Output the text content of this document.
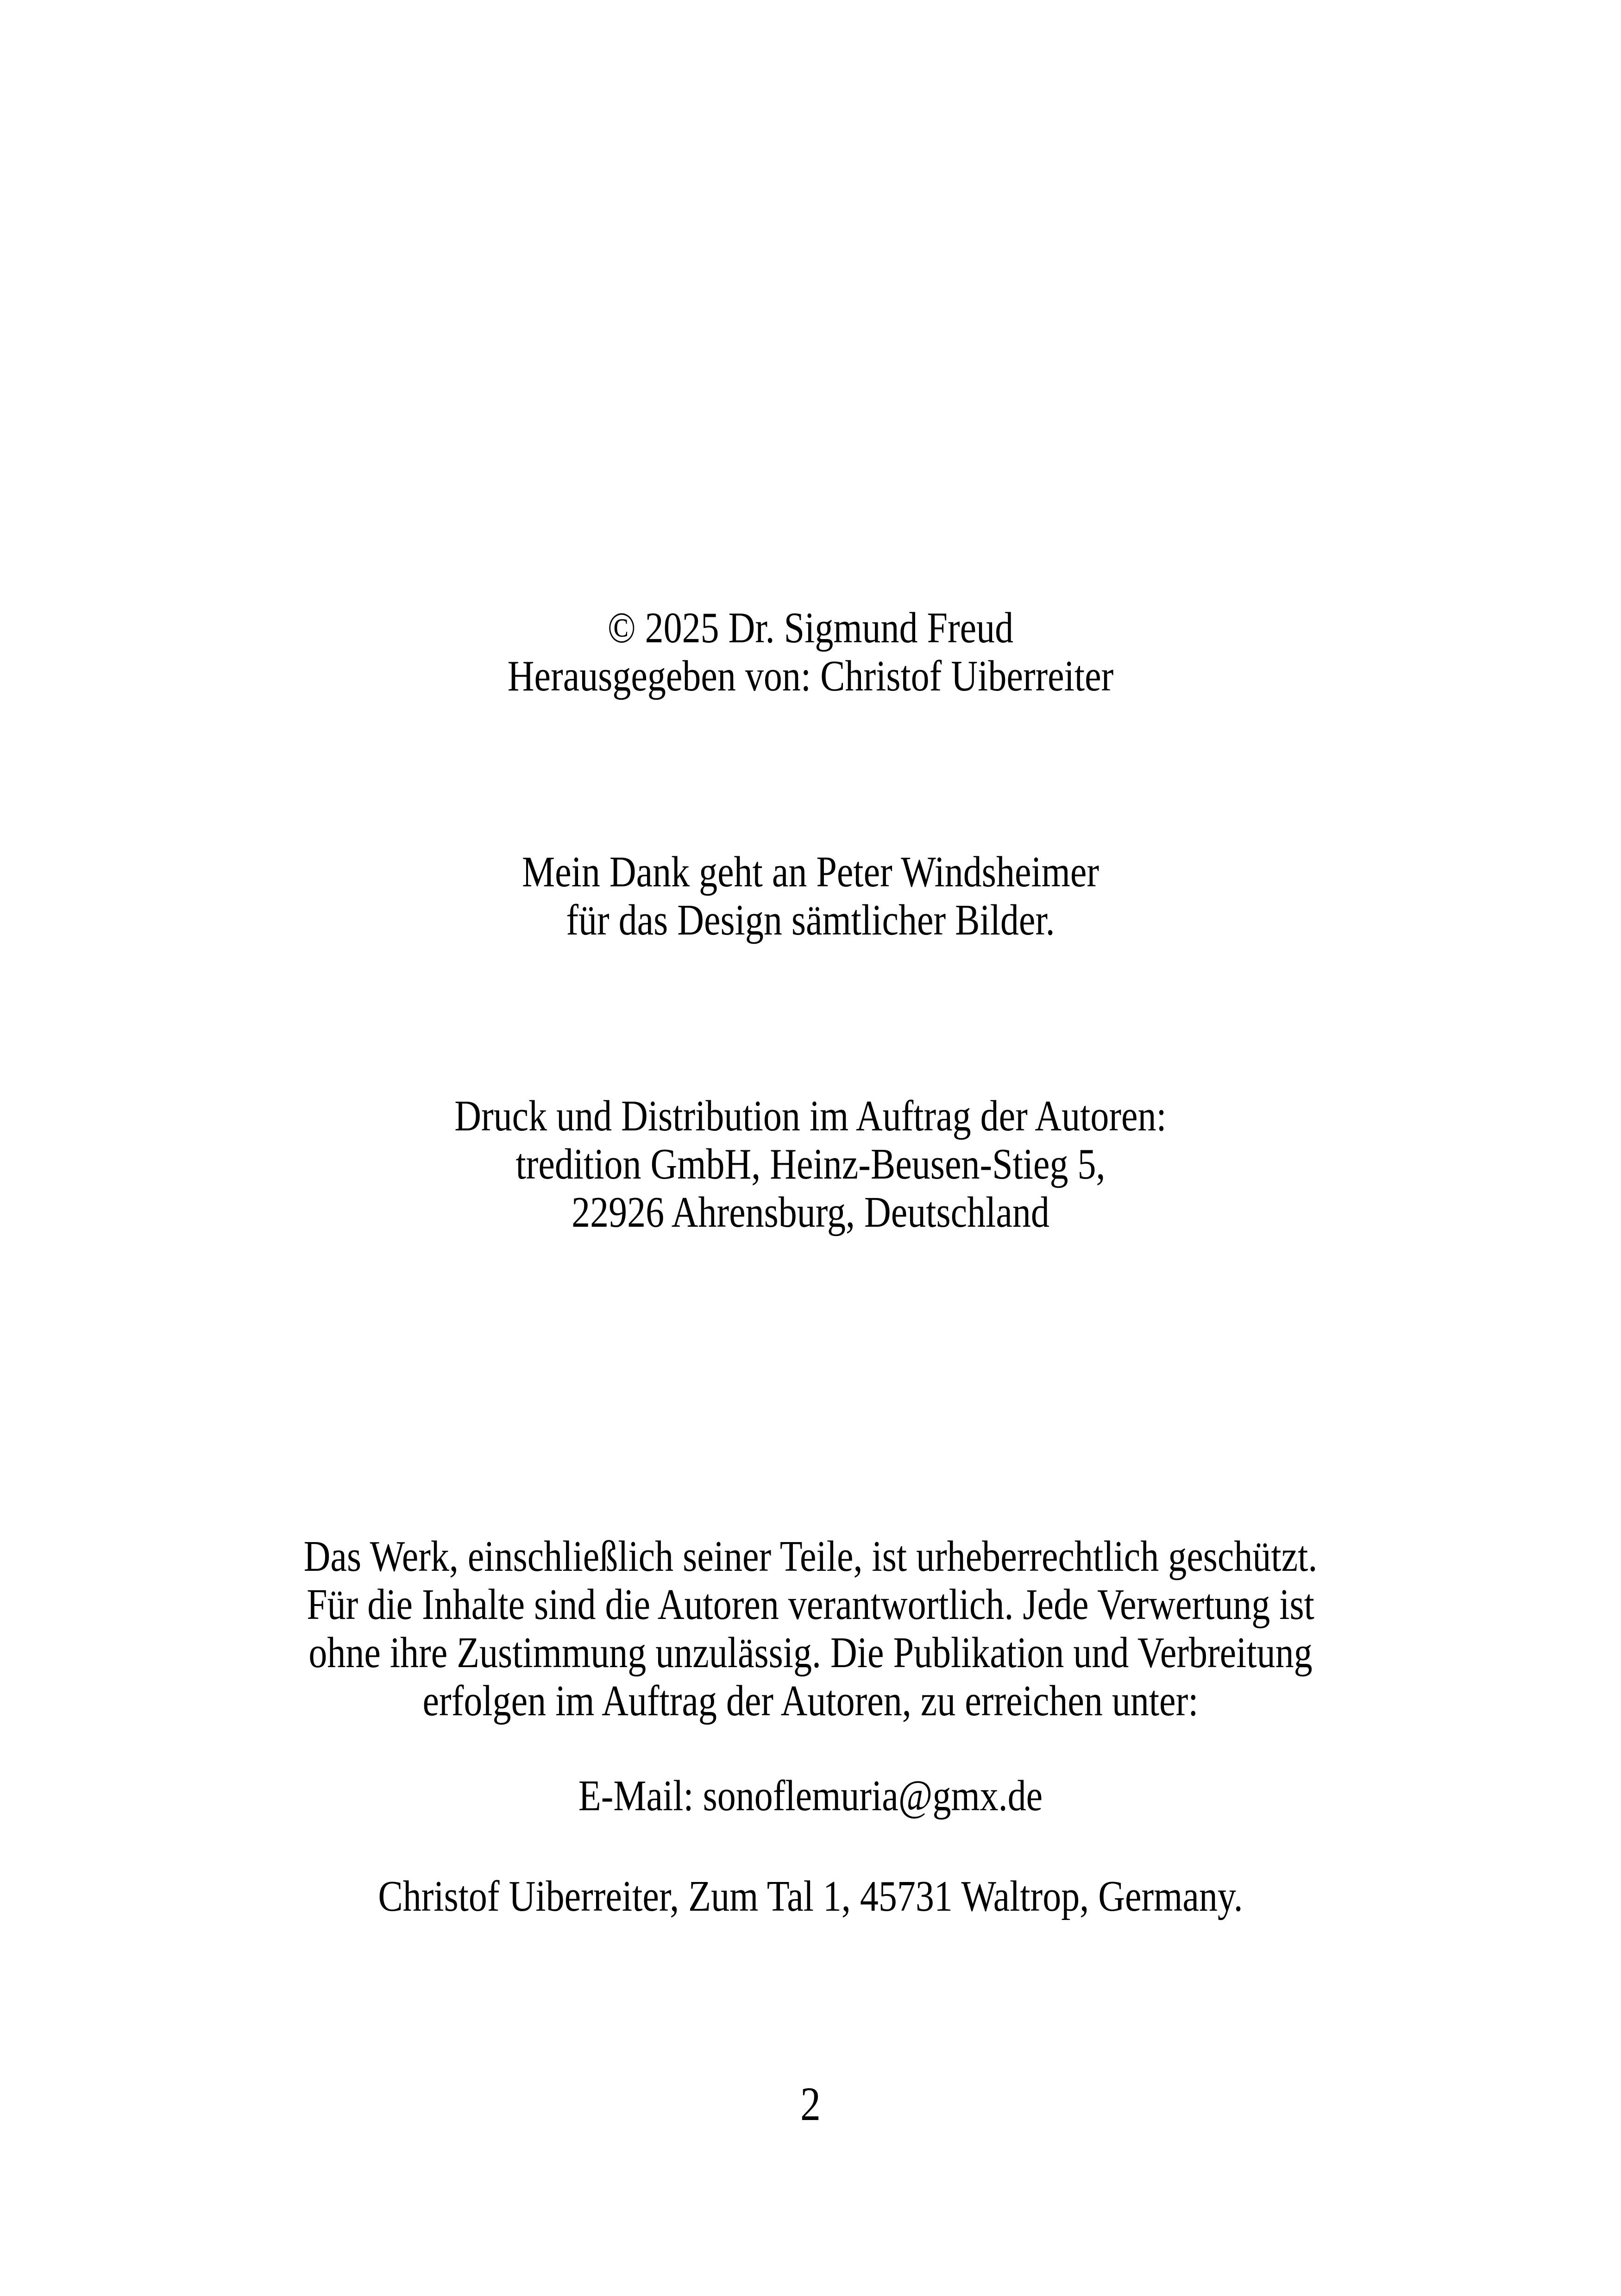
© 2025 Dr. Sigmund Freud
Herausgegeben von: Christof Uiberreiter
Mein Dank geht an Peter Windsheimer
für das Design sämtlicher Bilder.
Druck und Distribution im Auftrag der Autoren:
tredition GmbH, Heinz-Beusen-Stieg 5,
22926 Ahrensburg, Deutschland
Das Werk, einschließlich seiner Teile, ist urheberrechtlich geschützt.
Für die Inhalte sind die Autoren verantwortlich. Jede Verwertung ist
ohne ihre Zustimmung unzulässig. Die Publikation und Verbreitung
erfolgen im Auftrag der Autoren, zu erreichen unter:
E-Mail: sonoflemuria@gmx.de
Christof Uiberreiter, Zum Tal 1, 45731 Waltrop, Germany.
2
